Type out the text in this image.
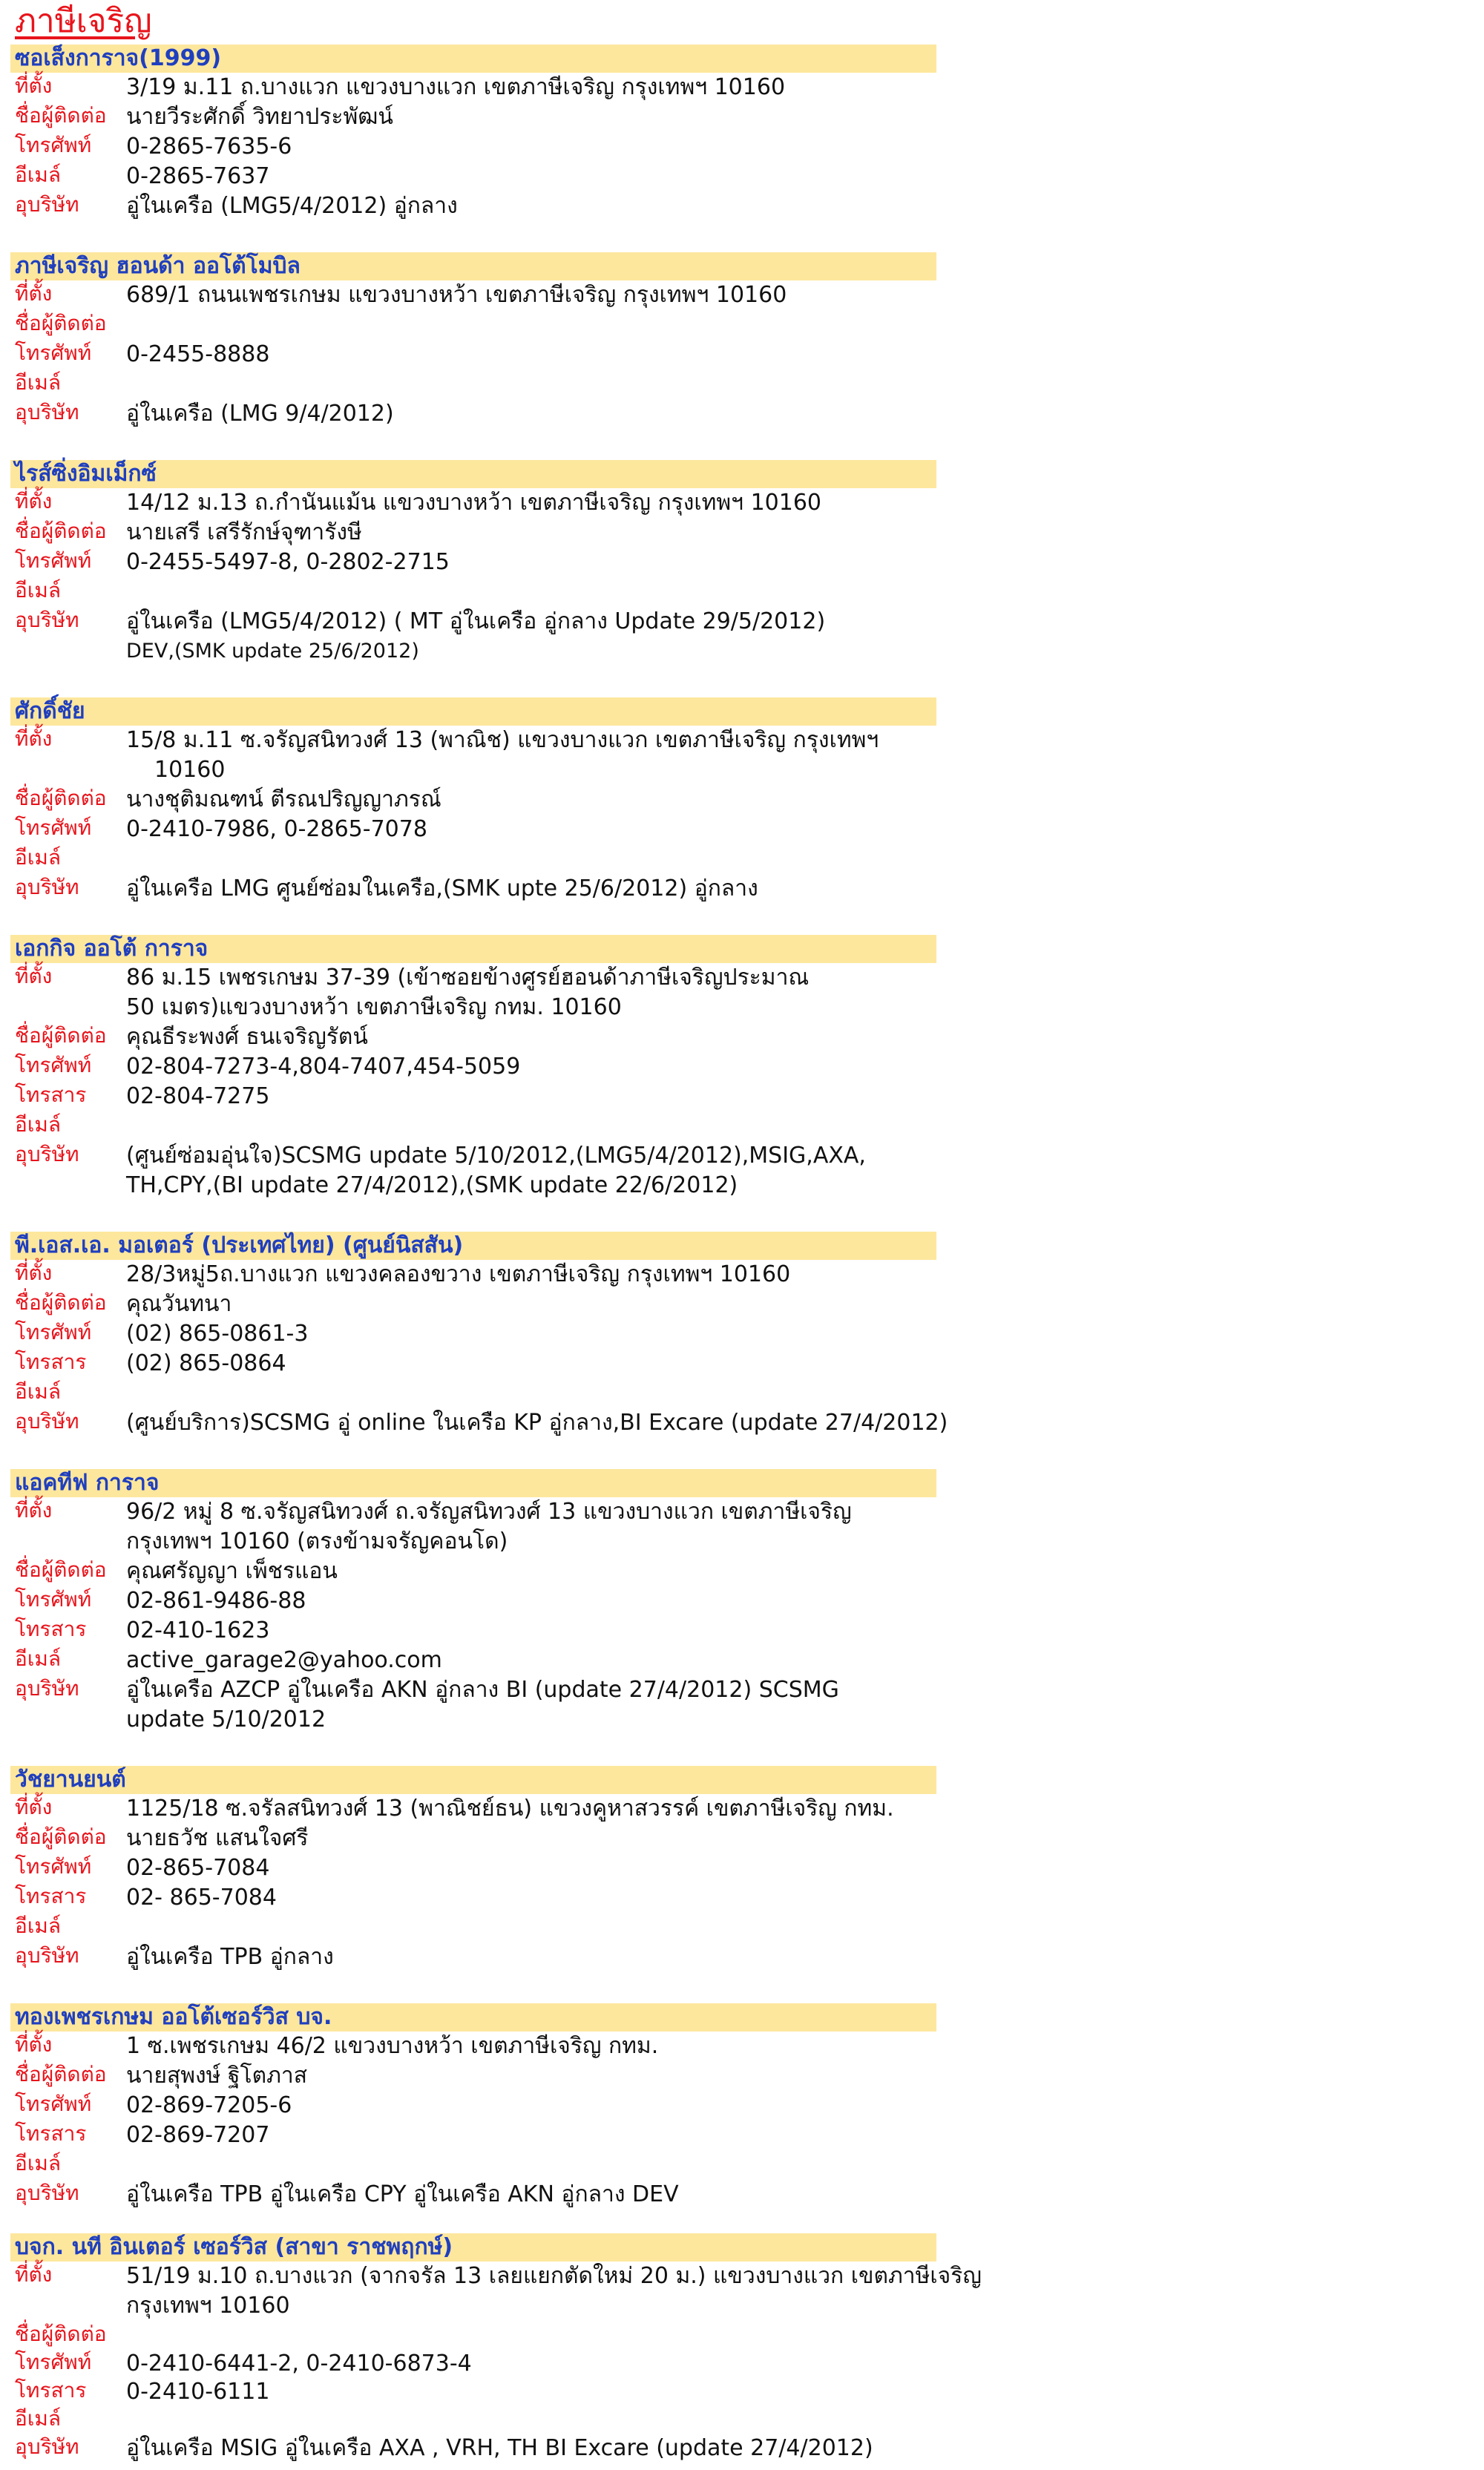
ภาษีเจริญ
ซอเส็งการาจ(1999)
ที่ตั้ง	3/19 ม.11 ถ.บางแวก แขวงบางแวก เขตภาษีเจริญ กรุงเทพฯ 10160
ชื่อผู้ติดต่อ นายวีระศักดิ์ วิทยาประพัฒน์
โทรศัพท์ 0-2865-7635-6
อีเมล์	0-2865-7637
อุบริษัท อู่ในเครือ (LMG5/4/2012) อู่กลาง
ภาษีเจริญ ฮอนด้า ออโต้โมบิล
ที่ตั้ง	689/1 ถนนเพชรเกษม แขวงบางหว้า เขตภาษีเจริญ กรุงเทพฯ 10160
ชื่อผู้ติดต่อ
โทรศัพท์ 0-2455-8888
อีเมล์
อุบริษัท อู่ในเครือ (LMG 9/4/2012)
ไรส์ซิ่งอิมเม็กซ์
ที่ตั้ง	14/12 ม.13 ถ.กำนันแม้น แขวงบางหว้า เขตภาษีเจริญ กรุงเทพฯ 10160
ชื่อผู้ติดต่อ นายเสรี เสรีรักษ์จุฑารังษี
โทรศัพท์ 0-2455-5497-8, 0-2802-2715
อีเมล์
อุบริษัท อู่ในเครือ (LMG5/4/2012) ( MT อู่ในเครือ อู่กลาง Update 29/5/2012)
DEV,(SMK update 25/6/2012)
ศักดิ์ชัย
ที่ตั้ง	15/8 ม.11 ซ.จรัญสนิทวงศ์ 13 (พาณิช) แขวงบางแวก เขตภาษีเจริญ กรุงเทพฯ
10160
ชื่อผู้ติดต่อ นางชุติมณฑน์ ตีรณปริญญาภรณ์
โทรศัพท์ 0-2410-7986, 0-2865-7078
อีเมล์
อุบริษัท อู่ในเครือ LMG ศูนย์ซ่อมในเครือ,(SMK upte 25/6/2012) อู่กลาง
เอกกิจ ออโต้ การาจ
ที่ตั้ง	86 ม.15 เพชรเกษม 37-39 (เข้าซอยข้างศูรย์ฮอนด้าภาษีเจริญประมาณ
50 เมตร)แขวงบางหว้า เขตภาษีเจริญ กทม. 10160
ชื่อผู้ติดต่อ คุณธีระพงศ์ ธนเจริญรัตน์
โทรศัพท์ 02-804-7273-4,804-7407,454-5059
โทรสาร 02-804-7275
อีเมล์
อุบริษัท (ศูนย์ซ่อมอุ่นใจ)SCSMG update 5/10/2012,(LMG5/4/2012),MSIG,AXA,
TH,CPY,(BI update 27/4/2012),(SMK update 22/6/2012)
พี.เอส.เอ. มอเตอร์ (ประเทศไทย) (ศูนย์นิสสัน)
ที่ตั้ง	28/3หมู่5ถ.บางแวก แขวงคลองขวาง เขตภาษีเจริญ กรุงเทพฯ 10160
ชื่อผู้ติดต่อ คุณวันทนา
โทรศัพท์ (02) 865-0861-3
โทรสาร (02) 865-0864
อีเมล์
อุบริษัท (ศูนย์บริการ)SCSMG อู่ online ในเครือ KP อู่กลาง,BI Excare (update 27/4/2012)
แอคทีฟ การาจ
ที่ตั้ง	96/2 หมู่ 8 ซ.จรัญสนิทวงศ์ ถ.จรัญสนิทวงศ์ 13 แขวงบางแวก เขตภาษีเจริญ
กรุงเทพฯ 10160 (ตรงข้ามจรัญคอนโด)
ชื่อผู้ติดต่อ คุณศรัญญา เพ็ชรแอน
โทรศัพท์ 02-861-9486-88
โทรสาร 02-410-1623
อีเมล์	active_garage2@yahoo.com
อุบริษัท อู่ในเครือ AZCP อู่ในเครือ AKN อู่กลาง BI (update 27/4/2012) SCSMG
update 5/10/2012
วัชยานยนต์
ที่ตั้ง	1125/18 ซ.จรัลสนิทวงศ์ 13 (พาณิชย์ธน) แขวงคูหาสวรรค์ เขตภาษีเจริญ กทม.
ชื่อผู้ติดต่อ นายธวัช แสนใจศรี
โทรศัพท์ 02-865-7084
โทรสาร 02- 865-7084
อีเมล์
อุบริษัท อู่ในเครือ TPB อู่กลาง
ทองเพชรเกษม ออโต้เซอร์วิส บจ.
ที่ตั้ง	1 ซ.เพชรเกษม 46/2 แขวงบางหว้า เขตภาษีเจริญ กทม.
ชื่อผู้ติดต่อ นายสุพงษ์ ฐิโตภาส
โทรศัพท์ 02-869-7205-6
โทรสาร 02-869-7207
อีเมล์
อุบริษัท อู่ในเครือ TPB อู่ในเครือ CPY อู่ในเครือ AKN อู่กลาง DEV
บจก. นที อินเตอร์ เซอร์วิส (สาขา ราชพฤกษ์)
ที่ตั้ง	51/19 ม.10 ถ.บางแวก (จากจรัล 13 เลยแยกตัดใหม่ 20 ม.) แขวงบางแวก เขตภาษีเจริญ
กรุงเทพฯ 10160
ชื่อผู้ติดต่อ
โทรศัพท์ 0-2410-6441-2, 0-2410-6873-4
โทรสาร 0-2410-6111
อีเมล์
อุบริษัท อู่ในเครือ MSIG อู่ในเครือ AXA , VRH, TH BI Excare (update 27/4/2012)
